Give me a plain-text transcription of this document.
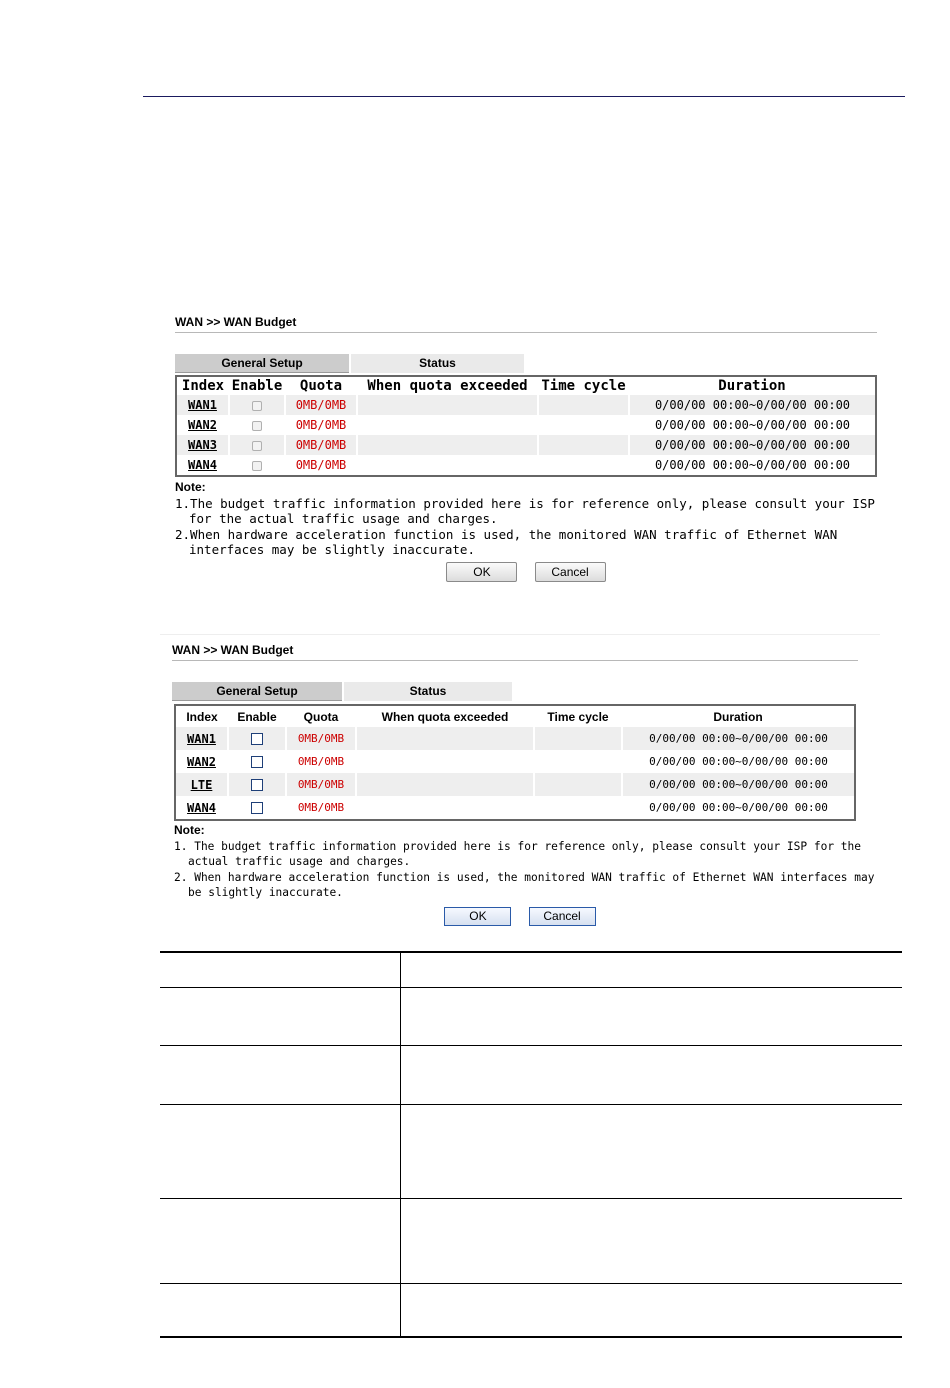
WAN >> WAN Budget
General Setup	Status
Index	Enable	Quota	When quota exceeded	Time cycle	Duration
WAN1		0MB/0MB			0/00/00 00:00~0/00/00 00:00
WAN2		0MB/0MB			0/00/00 00:00~0/00/00 00:00
WAN3		0MB/0MB			0/00/00 00:00~0/00/00 00:00
WAN4		0MB/0MB			0/00/00 00:00~0/00/00 00:00
Note:
1.The budget traffic information provided here is for reference only, please consult your ISP for the actual traffic usage and charges.
2.When hardware acceleration function is used, the monitored WAN traffic of Ethernet WAN interfaces may be slightly inaccurate.
OK	Cancel
WAN >> WAN Budget
General Setup	Status
Index	Enable	Quota	When quota exceeded	Time cycle	Duration
WAN1		0MB/0MB			0/00/00 00:00~0/00/00 00:00
WAN2		0MB/0MB			0/00/00 00:00~0/00/00 00:00
LTE		0MB/0MB			0/00/00 00:00~0/00/00 00:00
WAN4		0MB/0MB			0/00/00 00:00~0/00/00 00:00
Note:
1. The budget traffic information provided here is for reference only, please consult your ISP for the actual traffic usage and charges.
2. When hardware acceleration function is used, the monitored WAN traffic of Ethernet WAN interfaces may be slightly inaccurate.
OK	Cancel
